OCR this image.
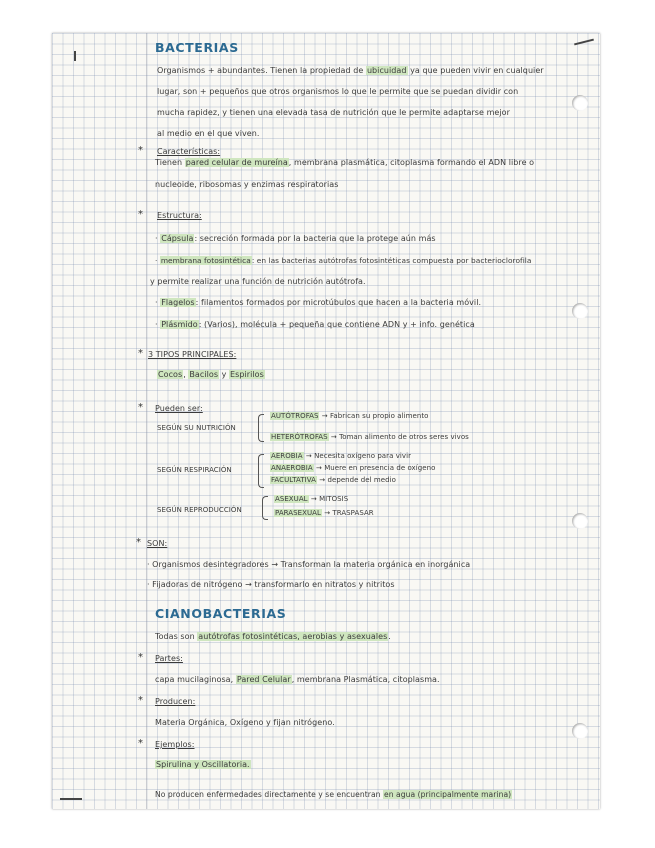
BACTERIAS
Organismos + abundantes. Tienen la propiedad de ubicuidad ya que pueden vivir en cualquier
lugar, son + pequeños que otros organismos lo que le permite que se puedan dividir con
mucha rapidez, y tienen una elevada tasa de nutrición que le permite adaptarse mejor
al medio en el que viven.
* Características:
Tienen pared celular de mureína, membrana plasmática, citoplasma formando el ADN libre o
nucleoide, ribosomas y enzimas respiratorias
* Estructura:
· Cápsula: secreción formada por la bacteria que la protege aún más
· membrana fotosintética: en las bacterias autótrofas fotosintéticas compuesta por bacterioclorofila
y permite realizar una función de nutrición autótrofa.
· Flagelos: filamentos formados por microtúbulos que hacen a la bacteria móvil.
· Plásmido: (Varios), molécula + pequeña que contiene ADN y + info. genética
* 3 TIPOS PRINCIPALES:
Cocos, Bacilos y Espirilos
* Pueden ser:
SEGÚN SU NUTRICIÓN
AUTÓTROFAS → Fabrican su propio alimento
HETERÓTROFAS → Toman alimento de otros seres vivos
SEGÚN RESPIRACIÓN
AEROBIA → Necesita oxígeno para vivir
ANAEROBIA → Muere en presencia de oxígeno
FACULTATIVA → depende del medio
SEGÚN REPRODUCCIÓN
ASEXUAL → MITOSIS
PARASEXUAL → TRASPASAR
* SON:
· Organismos desintegradores → Transforman la materia orgánica en inorgánica
· Fijadoras de nitrógeno → transformarlo en nitratos y nitritos
CIANOBACTERIAS
Todas son autótrofas fotosintéticas, aerobias y asexuales.
* Partes:
capa mucilaginosa, Pared Celular, membrana Plasmática, citoplasma.
* Producen:
Materia Orgánica, Oxígeno y fijan nitrógeno.
* Ejemplos:
Spirulina y Oscillatoria.
No producen enfermedades directamente y se encuentran en agua (principalmente marina)
